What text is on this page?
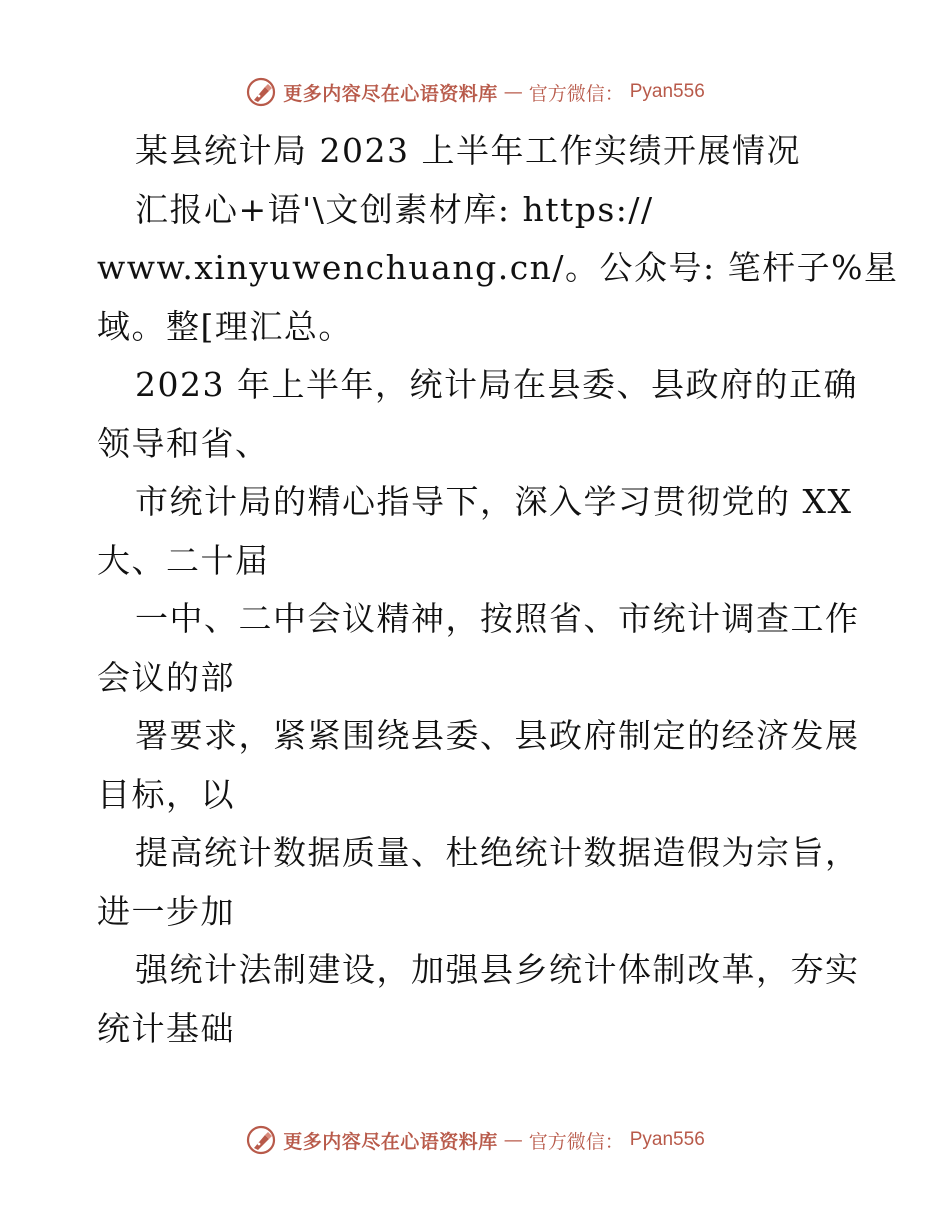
更多内容尽在心语资料库 — 官方微信： Pyan556
某县统计局 2023 上半年工作实绩开展情况
汇报心+语'\文创素材库: https://
www.xinyuwenchuang.cn/。公众号: 笔杆子%星
域。整[理汇总。
2023 年上半年，统计局在县委、县政府的正确
领导和省、
市统计局的精心指导下，深入学习贯彻党的 XX
大、二十届
一中、二中会议精神，按照省、市统计调查工作
会议的部
署要求，紧紧围绕县委、县政府制定的经济发展
目标，以
提高统计数据质量、杜绝统计数据造假为宗旨，
进一步加
强统计法制建设，加强县乡统计体制改革，夯实
统计基础
更多内容尽在心语资料库 — 官方微信： Pyan556
